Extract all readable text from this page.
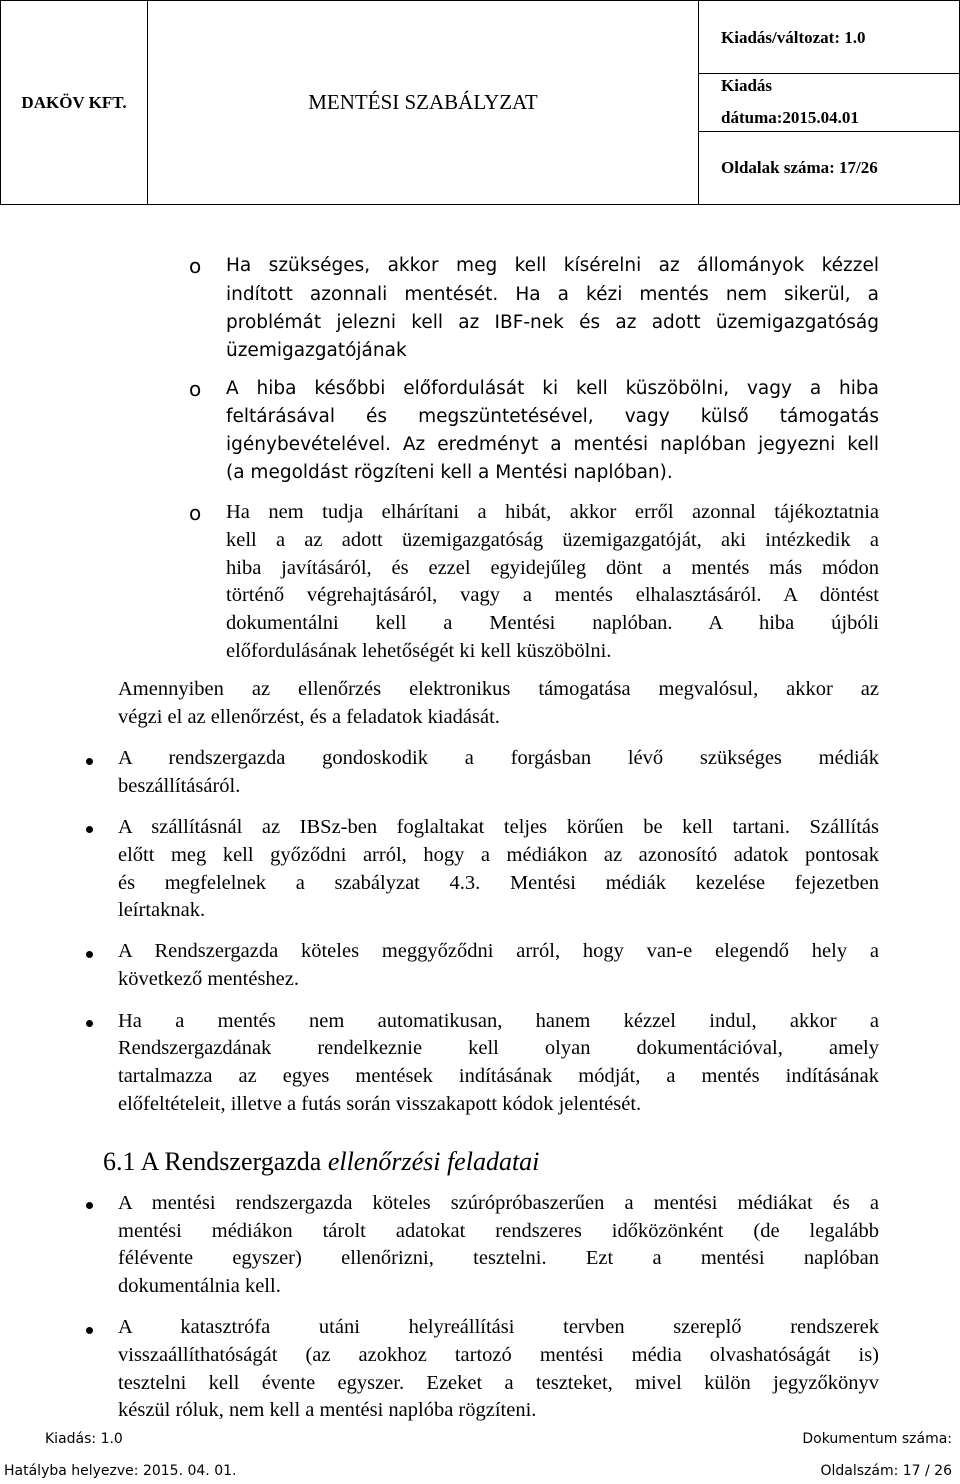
DAKÖV KFT.	MENTÉSI SZABÁLYZAT	Kiadás/változat: 1.0

Kiadás
dátuma:2015.04.01

Oldalak száma: 17/26
o Ha szükséges, akkor meg kell kísérelni az állományok kézzel
indított azonnali mentését. Ha a kézi mentés nem sikerül, a
problémát jelezni kell az IBF-nek és az adott üzemigazgatóság
üzemigazgatójának
o A hiba későbbi előfordulását ki kell küszöbölni, vagy a hiba
feltárásával és megszüntetésével, vagy külső támogatás
igénybevételével. Az eredményt a mentési naplóban jegyezni kell
(a megoldást rögzíteni kell a Mentési naplóban).
o Ha nem tudja elhárítani a hibát, akkor erről azonnal tájékoztatnia
kell a az adott üzemigazgatóság üzemigazgatóját, aki intézkedik a
hiba javításáról, és ezzel egyidejűleg dönt a mentés más módon
történő végrehajtásáról, vagy a mentés elhalasztásáról. A döntést
dokumentálni kell a Mentési naplóban. A hiba újbóli
előfordulásának lehetőségét ki kell küszöbölni.
Amennyiben az ellenőrzés elektronikus támogatása megvalósul, akkor az
végzi el az ellenőrzést, és a feladatok kiadását.
A rendszergazda gondoskodik a forgásban lévő szükséges médiák
beszállításáról.
A szállításnál az IBSz-ben foglaltakat teljes körűen be kell tartani. Szállítás
előtt meg kell győződni arról, hogy a médiákon az azonosító adatok pontosak
és megfelelnek a szabályzat 4.3. Mentési médiák kezelése fejezetben
leírtaknak.
A Rendszergazda köteles meggyőződni arról, hogy van-e elegendő hely a
következő mentéshez.
Ha a mentés nem automatikusan, hanem kézzel indul, akkor a
Rendszergazdának rendelkeznie kell olyan dokumentációval, amely
tartalmazza az egyes mentések indításának módját, a mentés indításának
előfeltételeit, illetve a futás során visszakapott kódok jelentését.
6.1 A Rendszergazda ellenőrzési feladatai
A mentési rendszergazda köteles szúrópróbaszerűen a mentési médiákat és a
mentési médiákon tárolt adatokat rendszeres időközönként (de legalább
félévente egyszer) ellenőrizni, tesztelni. Ezt a mentési naplóban
dokumentálnia kell.
A katasztrófa utáni helyreállítási tervben szereplő rendszerek
visszaállíthatóságát (az azokhoz tartozó mentési média olvashatóságát is)
tesztelni kell évente egyszer. Ezeket a teszteket, mivel külön jegyzőkönyv
készül róluk, nem kell a mentési naplóba rögzíteni.
Kiadás: 1.0	Dokumentum száma:
Hatályba helyezve: 2015. 04. 01.	Oldalszám: 17 / 26
